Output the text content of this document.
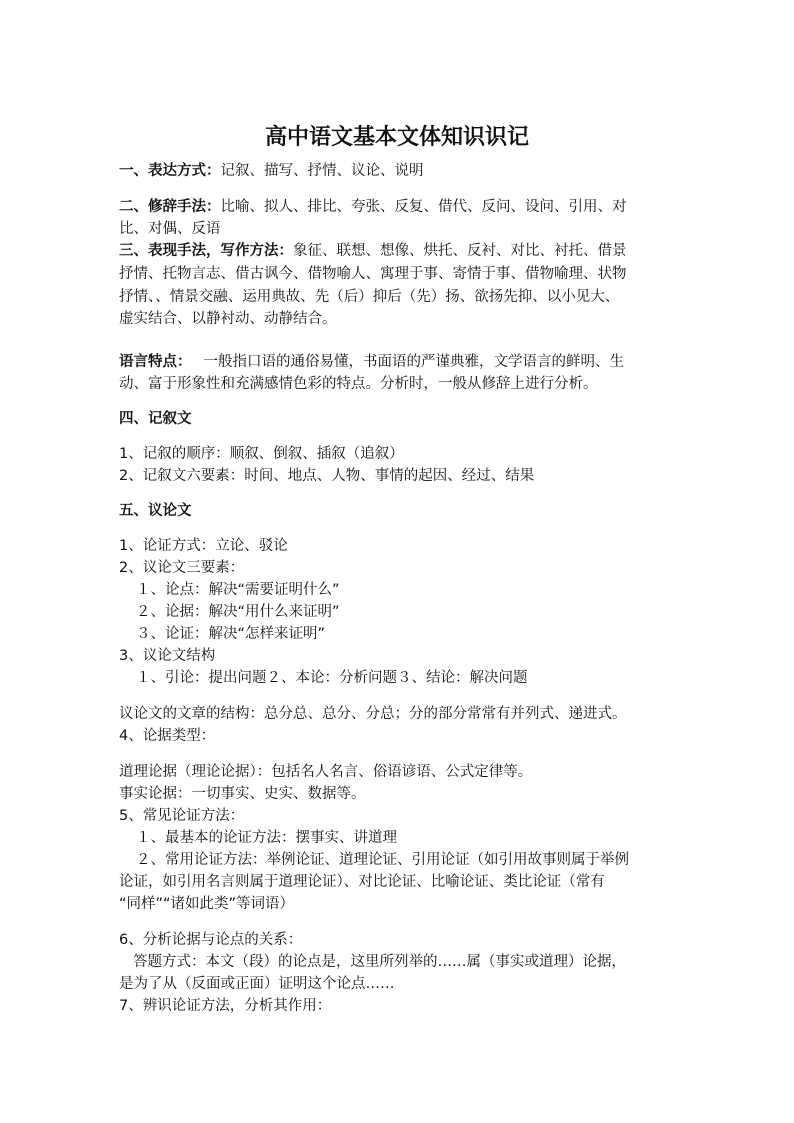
高中语文基本文体知识识记
一、表达方式：记叙、描写、抒情、议论、说明
二、修辞手法：比喻、拟人、排比、夸张、反复、借代、反问、设问、引用、对
比、对偶、反语
三、表现手法，写作方法：象征、联想、想像、烘托、反衬、对比、衬托、借景
抒情、托物言志、借古讽今、借物喻人、寓理于事、寄情于事、借物喻理、状物
抒情、、情景交融、运用典故、先（后）抑后（先）扬、欲扬先抑、以小见大、
虚实结合、以静衬动、动静结合。
语言特点： 一般指口语的通俗易懂，书面语的严谨典雅，文学语言的鲜明、生
动、富于形象性和充满感情色彩的特点。分析时，一般从修辞上进行分析。
四、记叙文
1、记叙的顺序：顺叙、倒叙、插叙（追叙）
2、记叙文六要素：时间、地点、人物、事情的起因、经过、结果
五、议论文
1、论证方式：立论、驳论
2、议论文三要素：
１、论点：解决“需要证明什么”
２、论据：解决“用什么来证明”
３、论证：解决“怎样来证明”
3、议论文结构
１、引论：提出问题２、本论：分析问题３、结论：解决问题
议论文的文章的结构：总分总、总分、分总；分的部分常常有并列式、递进式。
4、论据类型：
道理论据（理论论据）：包括名人名言、俗语谚语、公式定律等。
事实论据：一切事实、史实、数据等。
5、常见论证方法：
１、最基本的论证方法：摆事实、讲道理
２、常用论证方法：举例论证、道理论证、引用论证（如引用故事则属于举例
论证，如引用名言则属于道理论证）、对比论证、比喻论证、类比论证（常有
“同样”“诸如此类”等词语）
6、分析论据与论点的关系：
答题方式：本文（段）的论点是，这里所列举的……属（事实或道理）论据，
是为了从（反面或正面）证明这个论点……
7、辨识论证方法，分析其作用：
